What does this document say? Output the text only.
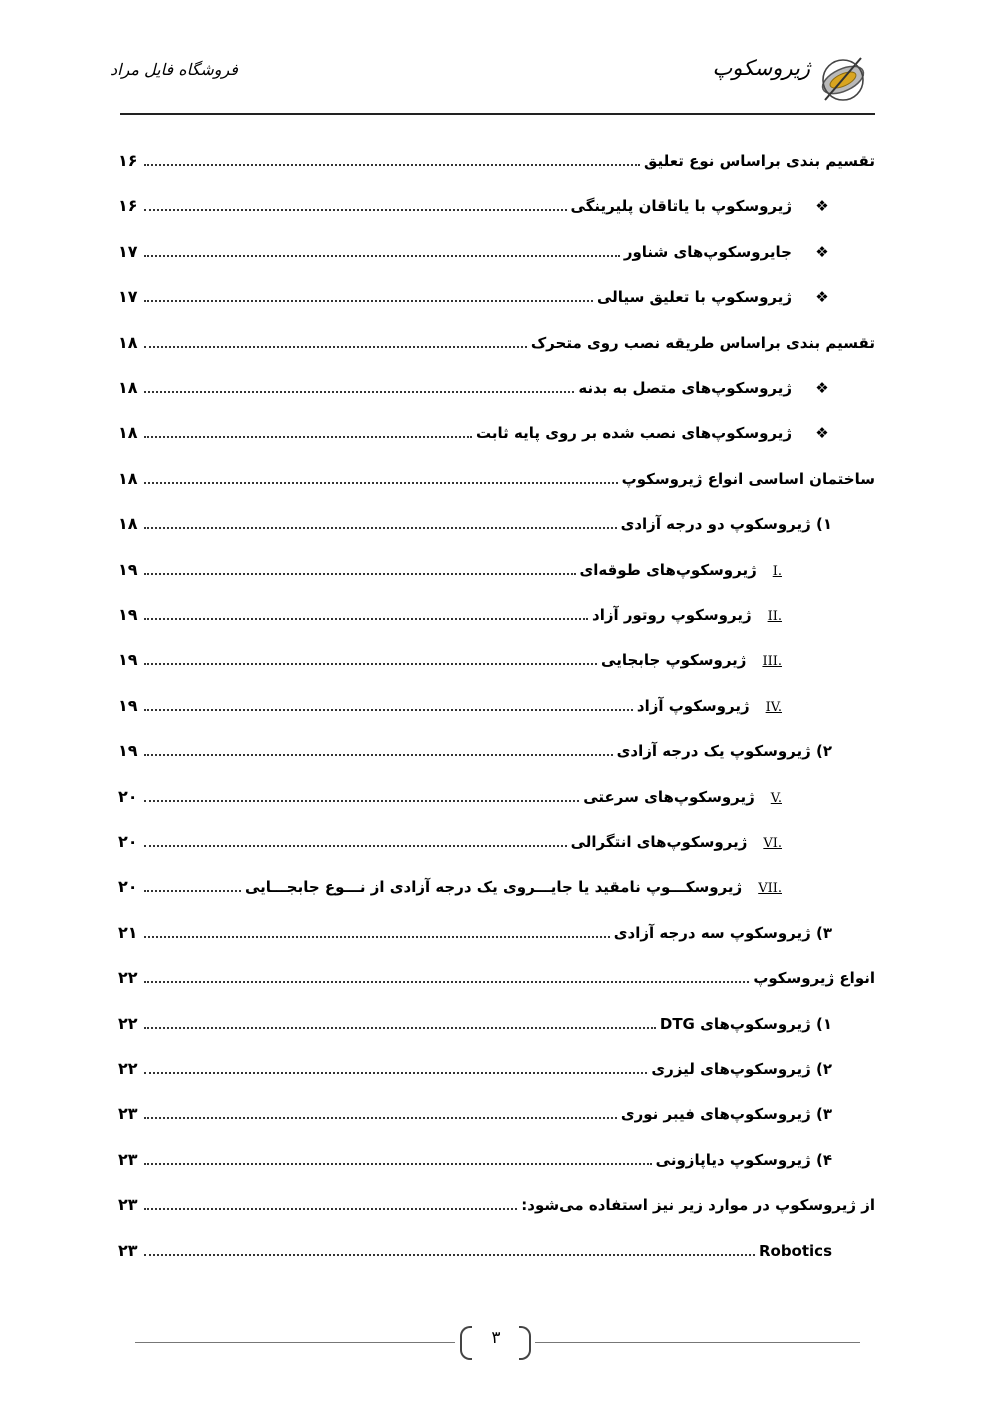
ژیروسکوپ
فروشگاه فایل مراد
تقسیم بندی براساس نوع تعلیق
۱۶
❖
ژیروسکوپ با یاتاقان پلیرینگی
۱۶
❖
جایروسکوپ‌های شناور
۱۷
❖
ژیروسکوپ با تعلیق سیالی
۱۷
تقسیم بندی براساس طریقه نصب روی متحرک
۱۸
❖
ژیروسکوپ‌های متصل به بدنه
۱۸
❖
ژیروسکوپ‌های نصب شده بر روی پایه ثابت
۱۸
ساختمان اساسی انواع ژیروسکوپ
۱۸
۱) ژیروسکوپ دو درجه آزادی
۱۸
I.
ژیروسکوپ‌های طوقه‌ای
۱۹
II.
ژیروسکوپ روتور آزاد
۱۹
III.
ژیروسکوپ جابجایی
۱۹
IV.
ژیروسکوپ آزاد
۱۹
۲) ژیروسکوپ یک درجه آزادی
۱۹
V.
ژیروسکوپ‌های سرعتی
۲۰
VI.
ژیروسکوپ‌های انتگرالی
۲۰
VII.
ژیروسکـــوپ نامقید یا جایـــروی یک درجه آزادی از نـــوع جابجـــایی
۲۰
۳) ژیروسکوپ سه درجه آزادی
۲۱
انواع ژیروسکوپ
۲۲
۱) ژیروسکوپ‌های DTG
۲۲
۲) ژیروسکوپ‌های لیزری
۲۲
۳) ژیروسکوپ‌های فیبر نوری
۲۳
۴) ژیروسکوپ دیاپازونی
۲۳
از ژیروسکوپ در موارد زیر نیز استفاده می‌شود:
۲۳
Robotics
۲۳
۳
